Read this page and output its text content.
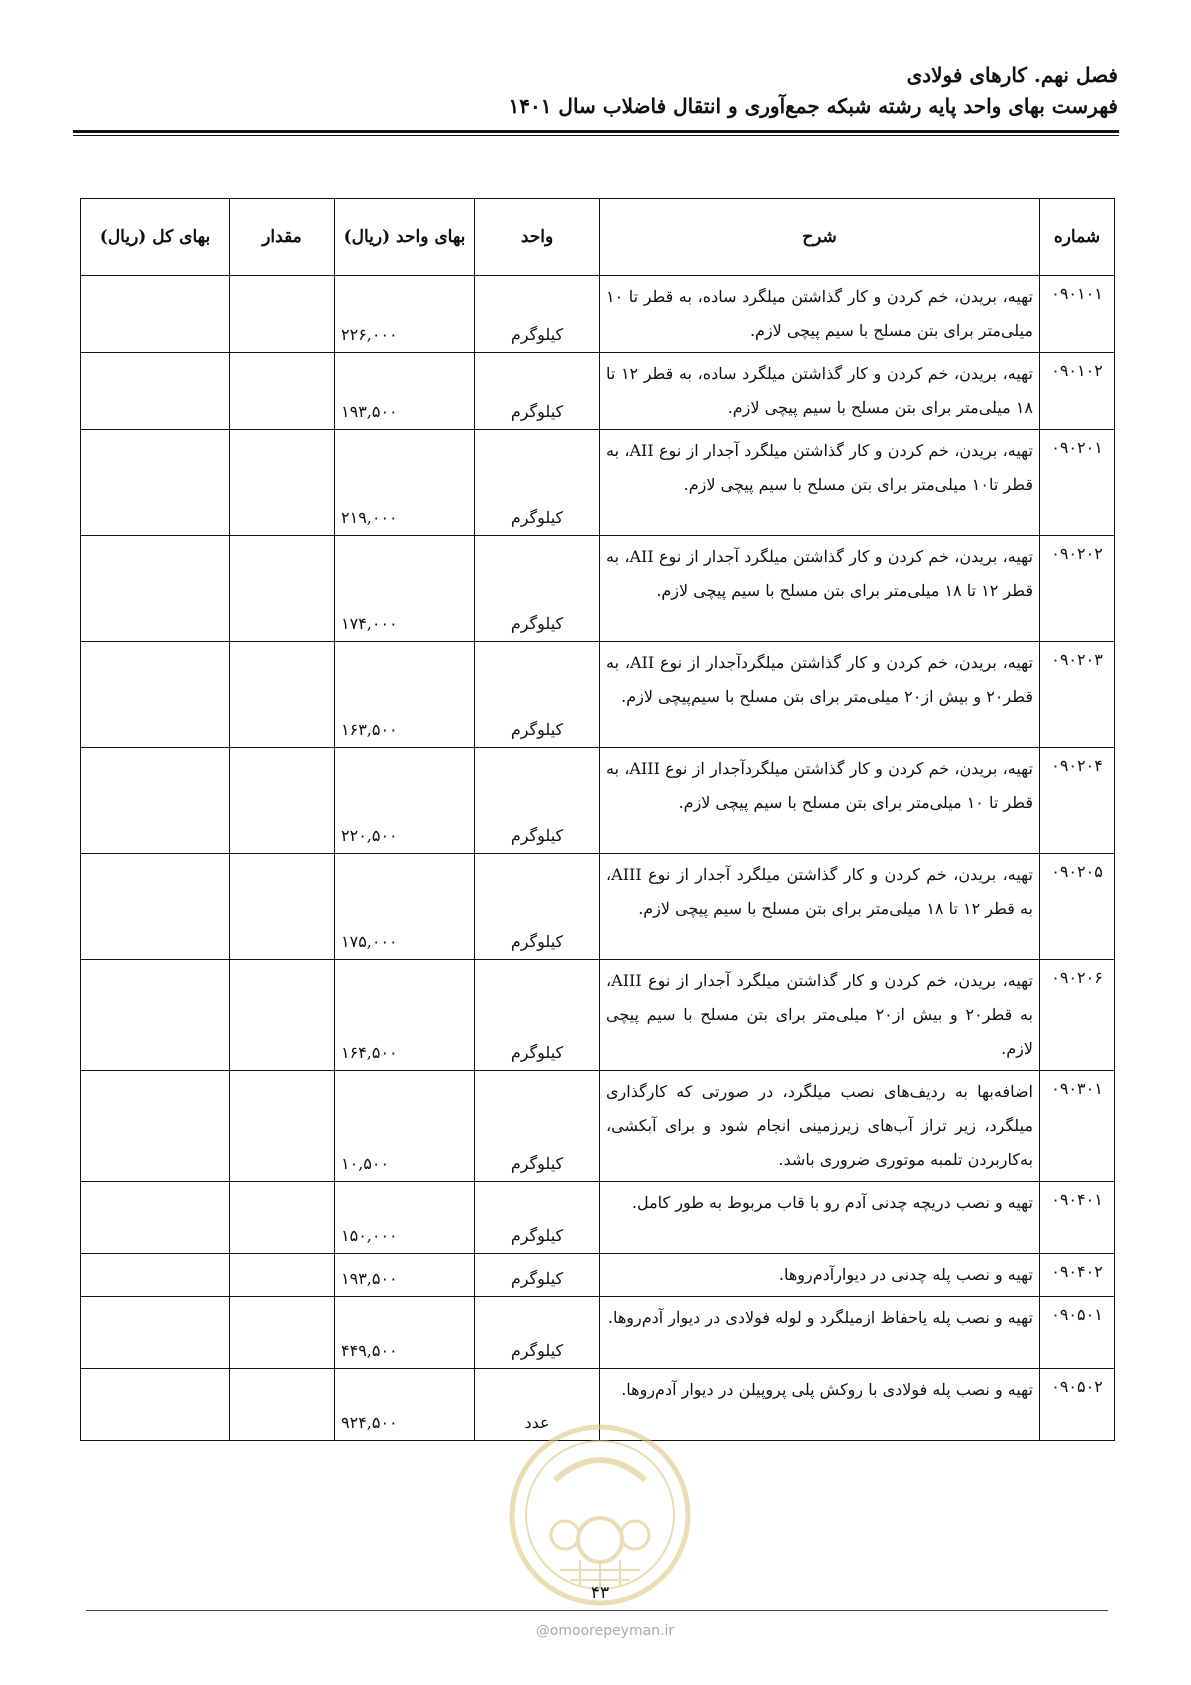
فصل نهم. کارهای فولادی
فهرست بهای واحد پایه رشته شبکه جمع‌آوری و انتقال فاضلاب سال ۱۴۰۱
شماره	شرح	واحد	بهای واحد (ریال)	مقدار	بهای کل (ریال)
۰۹۰۱۰۱	تهیه، بریدن، خم کردن و کار گذاشتن میلگرد ساده، به قطر تا ۱۰ میلی‌متر برای بتن مسلح با سیم پیچی لازم.	کیلوگرم	۲۲۶,۰۰۰		
۰۹۰۱۰۲	تهیه، بریدن، خم کردن و کار گذاشتن میلگرد ساده، به قطر ۱۲ تا ۱۸ میلی‌متر برای بتن مسلح با سیم پیچی لازم.	کیلوگرم	۱۹۳,۵۰۰		
۰۹۰۲۰۱	تهیه، بریدن، خم کردن و کار گذاشتن میلگرد آجدار از نوع AII، به قطر تا۱۰ میلی‌متر برای بتن مسلح با سیم پیچی لازم.	کیلوگرم	۲۱۹,۰۰۰		
۰۹۰۲۰۲	تهیه، بریدن، خم کردن و کار گذاشتن میلگرد آجدار از نوع AII، به قطر ۱۲ تا ۱۸ میلی‌متر برای بتن مسلح با سیم پیچی لازم.	کیلوگرم	۱۷۴,۰۰۰		
۰۹۰۲۰۳	تهیه، بریدن، خم کردن و کار گذاشتن میلگردآجدار از نوع AII، به قطر۲۰ و بیش از۲۰ میلی‌متر برای بتن مسلح با سیم‌پیچی لازم.	کیلوگرم	۱۶۳,۵۰۰		
۰۹۰۲۰۴	تهیه، بریدن، خم کردن و کار گذاشتن میلگردآجدار از نوع AIII، به قطر تا ۱۰ میلی‌متر برای بتن مسلح با سیم پیچی لازم.	کیلوگرم	۲۲۰,۵۰۰		
۰۹۰۲۰۵	تهیه، بریدن، خم کردن و کار گذاشتن میلگرد آجدار از نوع AIII، به قطر ۱۲ تا ۱۸ میلی‌متر برای بتن مسلح با سیم پیچی لازم.	کیلوگرم	۱۷۵,۰۰۰		
۰۹۰۲۰۶	تهیه، بریدن، خم کردن و کار گذاشتن میلگرد آجدار از نوع AIII، به قطر۲۰ و بیش از۲۰ میلی‌متر برای بتن مسلح با سیم پیچی لازم.	کیلوگرم	۱۶۴,۵۰۰		
۰۹۰۳۰۱	اضافه‌بها به ردیف‌های نصب میلگرد، در صورتی که کارگذاری میلگرد، زیر تراز آب‌های زیرزمینی انجام شود و برای آبکشی، به‌کاربردن تلمبه موتوری ضروری باشد.	کیلوگرم	۱۰,۵۰۰		
۰۹۰۴۰۱	تهیه و نصب دریچه چدنی آدم رو با قاب مربوط به طور کامل.	کیلوگرم	۱۵۰,۰۰۰		
۰۹۰۴۰۲	تهیه و نصب پله چدنی در دیوارآدم‌روها.	کیلوگرم	۱۹۳,۵۰۰		
۰۹۰۵۰۱	تهیه و نصب پله یاحفاظ ازمیلگرد و لوله فولادی در دیوار آدم‌روها.	کیلوگرم	۴۴۹,۵۰۰		
۰۹۰۵۰۲	تهیه و نصب پله فولادی با روکش پلی پروپیلن در دیوار آدم‌روها.	عدد	۹۲۴,۵۰۰		
۴۳
@omoorepeyman.ir
